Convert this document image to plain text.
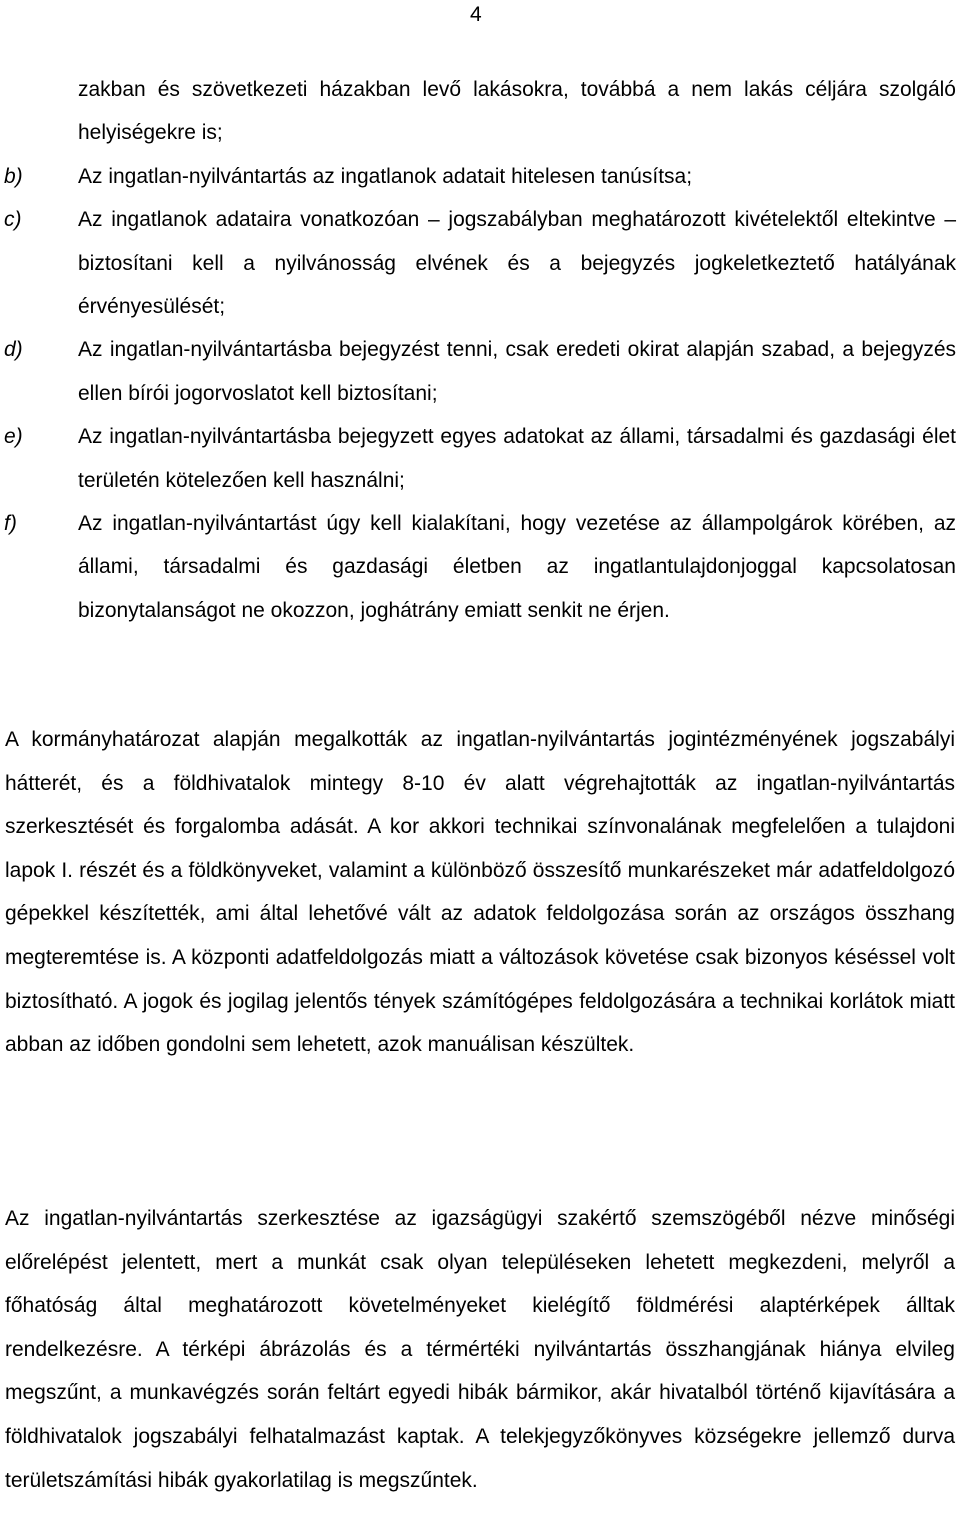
4
zakban és szövetkezeti házakban levő lakásokra, továbbá a nem lakás céljára szolgáló helyiségekre is;
b)	Az ingatlan-nyilvántartás az ingatlanok adatait hitelesen tanúsítsa;
c)	Az ingatlanok adataira vonatkozóan – jogszabályban meghatározott kivételektől eltekintve – biztosítani kell a nyilvánosság elvének és a bejegyzés jogkeletkeztető hatályának érvényesülését;
d)	Az ingatlan-nyilvántartásba bejegyzést tenni, csak eredeti okirat alapján szabad, a bejegyzés ellen bírói jogorvoslatot kell biztosítani;
e)	Az ingatlan-nyilvántartásba bejegyzett egyes adatokat az állami, társadalmi és gazdasági élet területén kötelezően kell használni;
f)	Az ingatlan-nyilvántartást úgy kell kialakítani, hogy vezetése az állampolgárok körében, az állami, társadalmi és gazdasági életben az ingatlantulajdonjoggal kapcsolatosan bizonytalanságot ne okozzon, joghátrány emiatt senkit ne érjen.

A kormányhatározat alapján megalkották az ingatlan-nyilvántartás jogintézményének jogszabályi hátterét, és a földhivatalok mintegy 8-10 év alatt végrehajtották az ingatlan-nyilvántartás szerkesztését és forgalomba adását. A kor akkori technikai színvonalának megfelelően a tulajdoni lapok I. részét és a földkönyveket, valamint a különböző összesítő munkarészeket már adatfeldolgozó gépekkel készítették, ami által lehetővé vált az adatok feldolgozása során az országos összhang megteremtése is. A központi adatfeldolgozás miatt a változások követése csak bizonyos késéssel volt biztosítható. A jogok és jogilag jelentős tények számítógépes feldolgozására a technikai korlátok miatt abban az időben gondolni sem lehetett, azok manuálisan készültek.

Az ingatlan-nyilvántartás szerkesztése az igazságügyi szakértő szemszögéből nézve minőségi előrelépést jelentett, mert a munkát csak olyan településeken lehetett megkezdeni, melyről a főhatóság által meghatározott követelményeket kielégítő földmérési alaptérképek álltak rendelkezésre. A térképi ábrázolás és a térmértéki nyilvántartás összhangjának hiánya elvileg megszűnt, a munkavégzés során feltárt egyedi hibák bármikor, akár hivatalból történő kijavítására a földhivatalok jogszabályi felhatalmazást kaptak. A telekjegyzőkönyves községekre jellemző durva területszámítási hibák gyakorlatilag is megszűntek.
